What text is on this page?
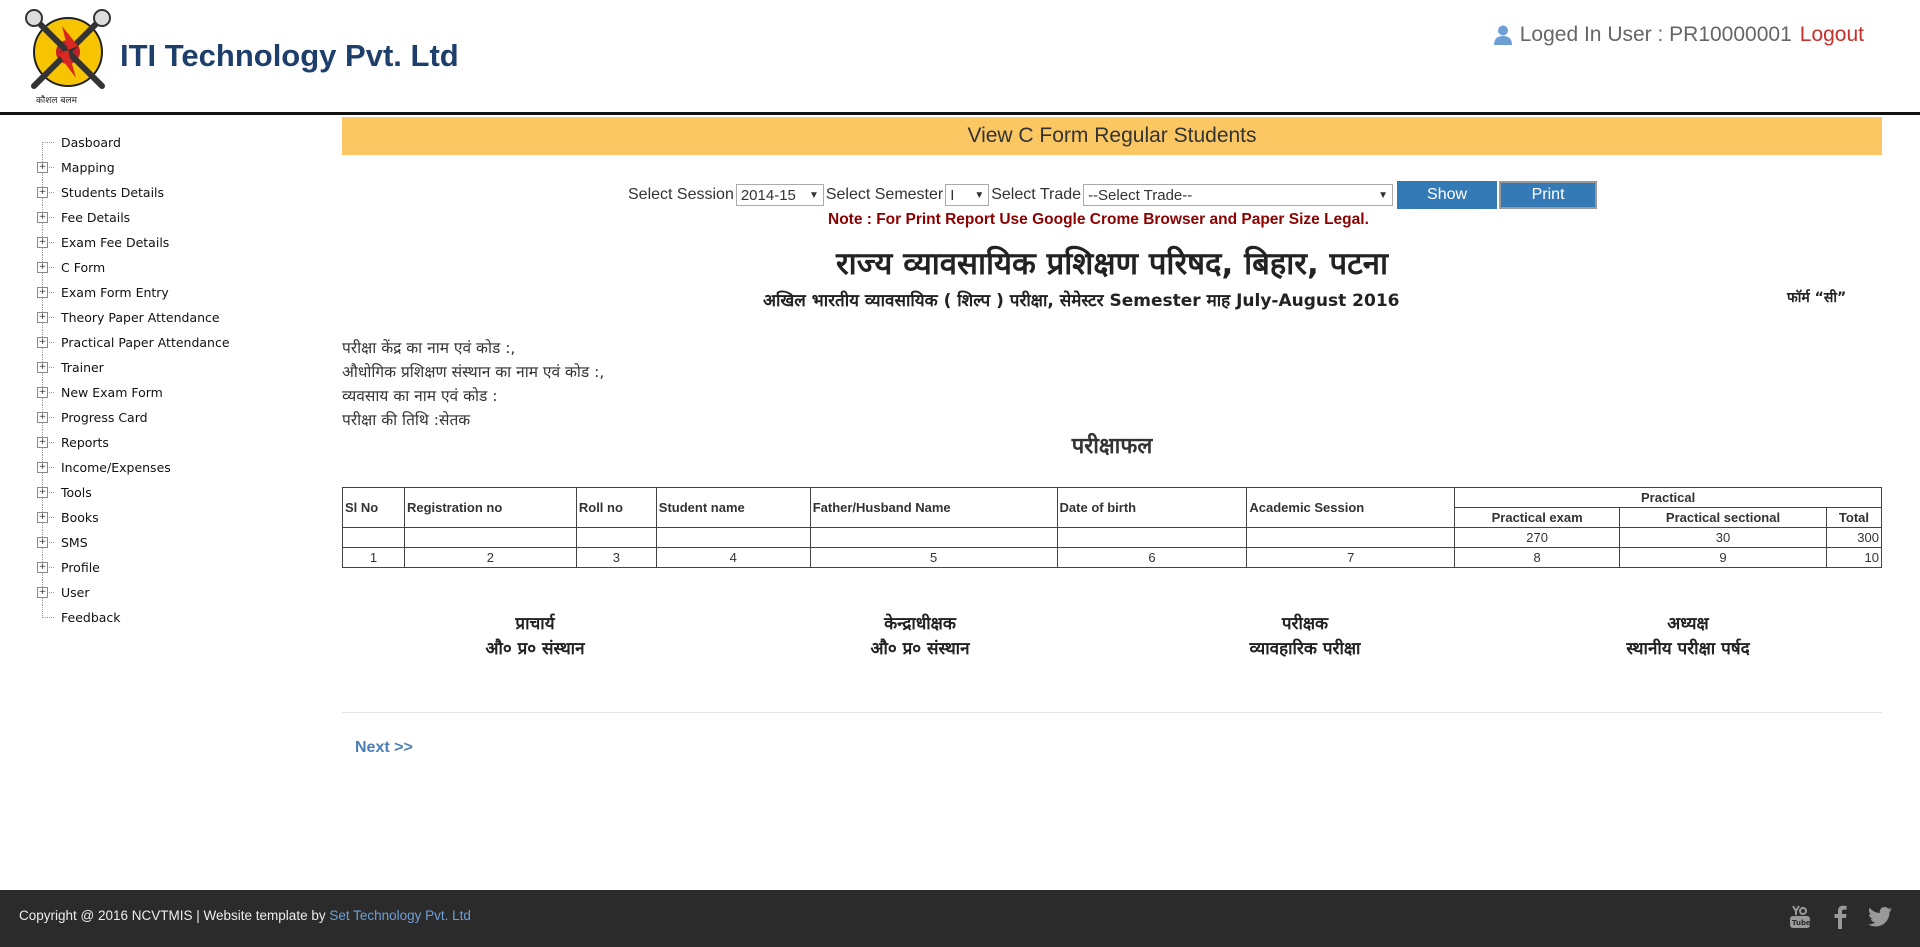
कौशल बलम
ITI Technology Pvt. Ltd
Loged In User : PR10000001 Logout
Dasboard
+ Mapping
+ Students Details
+ Fee Details
+ Exam Fee Details
+ C Form
+ Exam Form Entry
+ Theory Paper Attendance
+ Practical Paper Attendance
+ Trainer
+ New Exam Form
+ Progress Card
+ Reports
+ Income/Expenses
+ Tools
+ Books
+ SMS
+ Profile
+ User
Feedback
View C Form Regular Students
Select Session 2014-15 ▼ Select Semester I ▼ Select Trade --Select Trade--	▼	Show	Print
Note : For Print Report Use Google Crome Browser and Paper Size Legal.
राज्य व्यावसायिक प्रशिक्षण परिषद, बिहार, पटना
अखिल भारतीय व्यावसायिक ( शिल्प ) परीक्षा, सेमेस्टर Semester माह July-August 2016	फॉर्म “सी”
परीक्षा केंद्र का नाम एवं कोड :,
औधोगिक प्रशिक्षण संस्थान का नाम एवं कोड :,
व्यवसाय का नाम एवं कोड :
परीक्षा की तिथि :सेतक
परीक्षाफल
Sl No	Registration no	Roll no	Student name	Father/Husband Name	Date of birth	Academic Session	Practical		
							Practical exam	Practical sectional	Total
							270	30	300
1	2	3	4	5	6	7	8	9	10
प्राचार्य
औ० प्र० संस्थान
केन्द्राधीक्षक
औ० प्र० संस्थान
परीक्षक
व्यावहारिक परीक्षा
अध्यक्ष
स्थानीय परीक्षा पर्षद
Next >>
Copyright @ 2016 NCVTMIS | Website template by Set Technology Pvt. Ltd	Tube
